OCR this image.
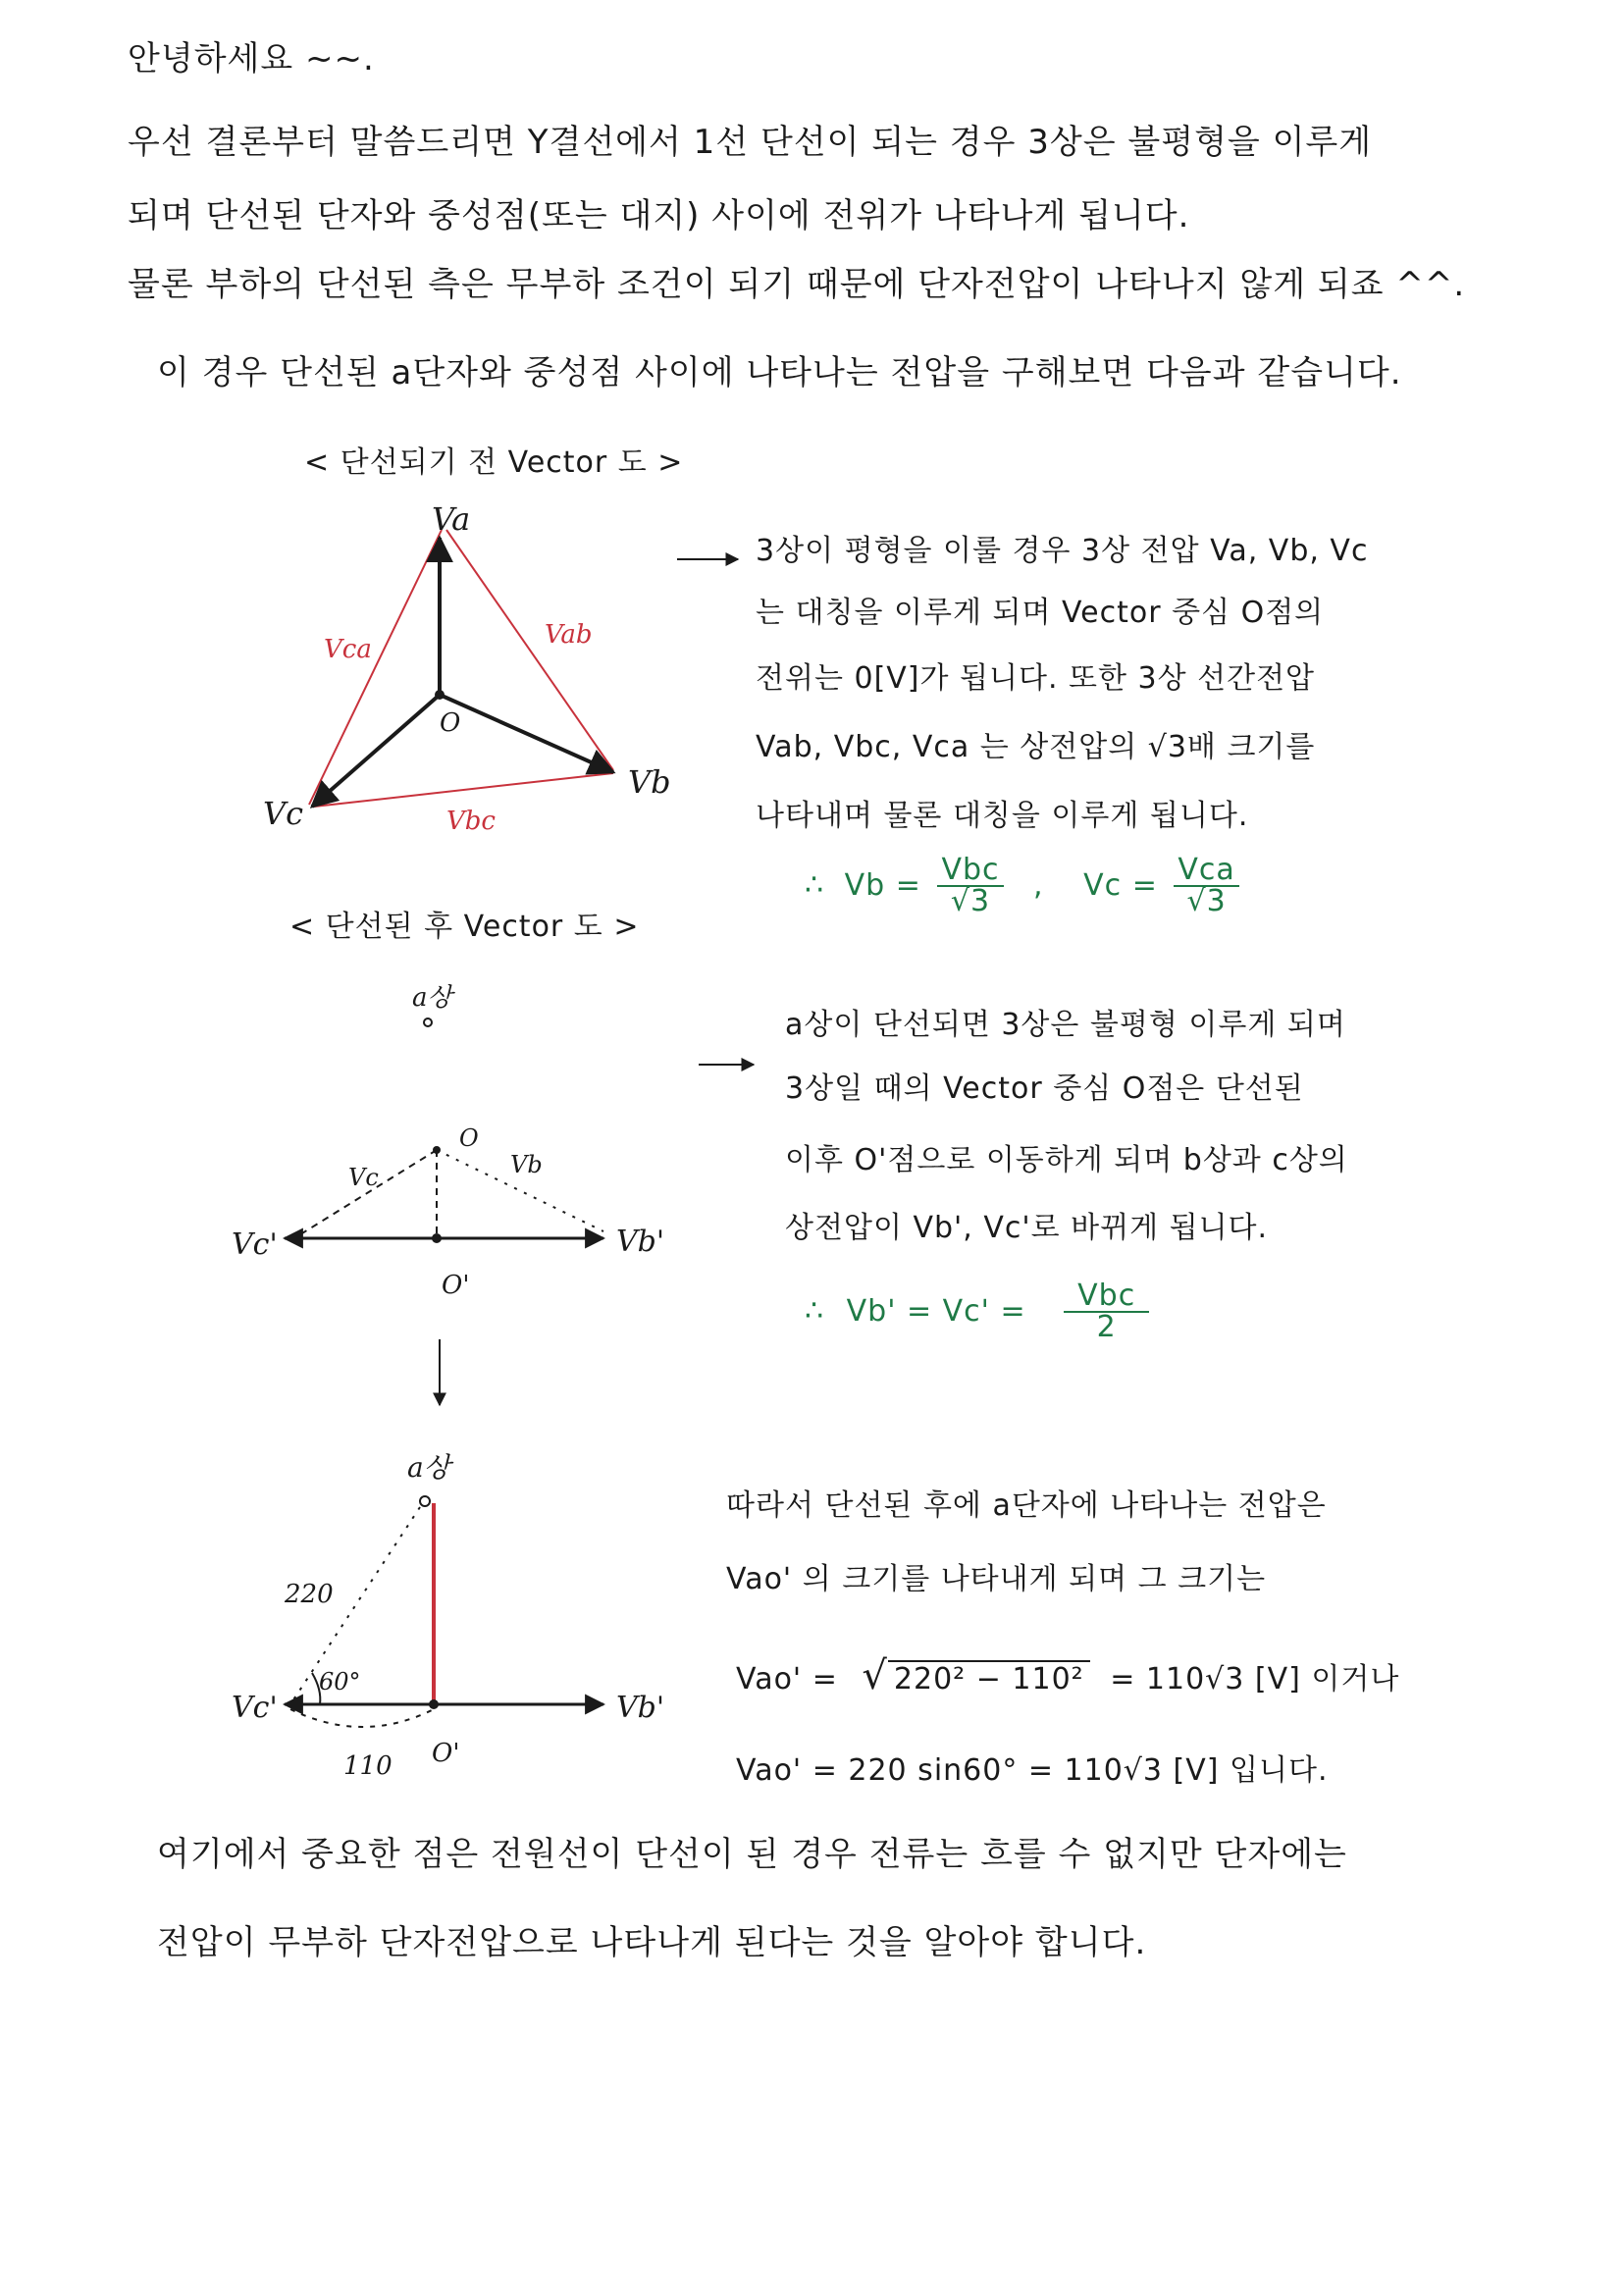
안녕하세요 ~~.
우선 결론부터 말씀드리면 Y결선에서 1선 단선이 되는 경우 3상은 불평형을 이루게
되며 단선된 단자와 중성점(또는 대지) 사이에 전위가 나타나게 됩니다.
물론 부하의 단선된 측은 무부하 조건이 되기 때문에 단자전압이 나타나지 않게 되죠 ^^.
이 경우 단선된 a단자와 중성점 사이에 나타나는 전압을 구해보면 다음과 같습니다.
< 단선되기 전 Vector 도 >
3상이 평형을 이룰 경우 3상 전압 Va, Vb, Vc
는 대칭을 이루게 되며 Vector 중심 O점의
전위는 0[V]가 됩니다. 또한 3상 선간전압
Vab, Vbc, Vca 는 상전압의 √3배 크기를
나타내며 물론 대칭을 이루게 됩니다.
< 단선된 후 Vector 도 >
a상이 단선되면 3상은 불평형 이루게 되며
3상일 때의 Vector 중심 O점은 단선된
이후 O'점으로 이동하게 되며 b상과 c상의
상전압이 Vb', Vc'로 바뀌게 됩니다.
따라서 단선된 후에 a단자에 나타나는 전압은
Vao' 의 크기를 나타내게 되며 그 크기는
여기에서 중요한 점은 전원선이 단선이 된 경우 전류는 흐를 수 없지만 단자에는
전압이 무부하 단자전압으로 나타나게 된다는 것을 알아야 합니다.
∴ Vb = Vbc
√3	, Vc = Vca
√3
∴ Vb' = Vc' =	Vbc
2
Vao' = √ 220² − 110² = 110√3 [V] 이거나
Vao' = 220 sin60° = 110√3 [V] 입니다.
Va
Vb
Vc
O
Vca	Vab
Vbc
a상
O
Vc	Vb
Vc'	Vb'
O'
a상
220
60°
110
Vc'	Vb'
O'
